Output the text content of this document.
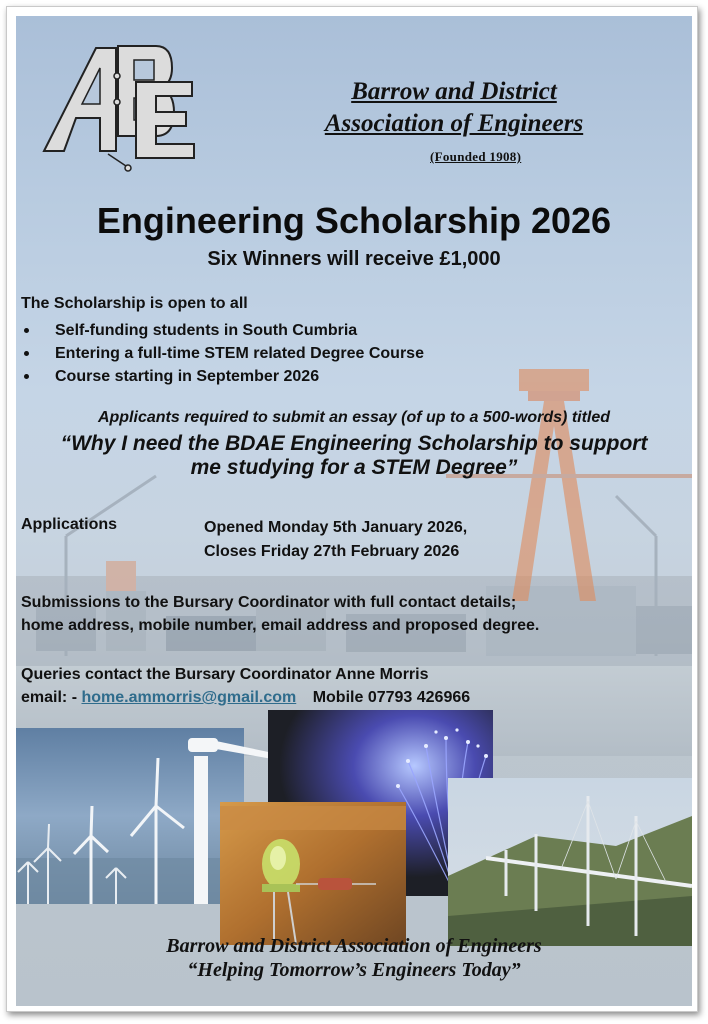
Barrow and District
Association of Engineers
(Founded 1908)
Engineering Scholarship 2026
Six Winners will receive £1,000
The Scholarship is open to all
Self-funding students in South Cumbria
Entering a full-time STEM related Degree Course
Course starting in September 2026
Applicants required to submit an essay (of up to a 500-words) titled
“Why I need the BDAE Engineering Scholarship to support
me studying for a STEM Degree”
Applications	Opened Monday 5th January 2026,
Closes Friday 27th February 2026
Submissions to the Bursary Coordinator with full contact details;
home address, mobile number, email address and proposed degree.
Queries contact the Bursary Coordinator Anne Morris
email: - home.ammorris@gmail.com Mobile 07793 426966
Barrow and District Association of Engineers
“Helping Tomorrow’s Engineers Today”
